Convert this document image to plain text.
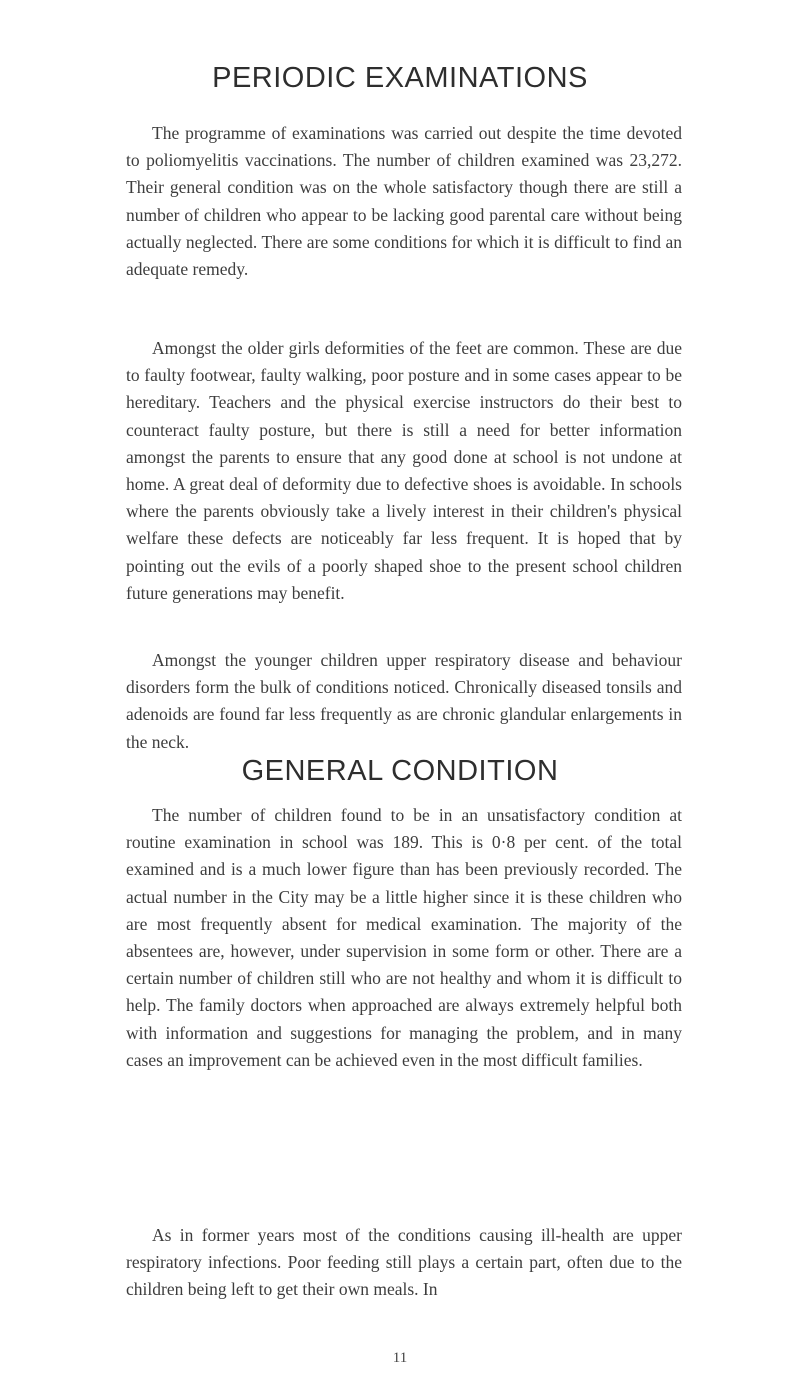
PERIODIC EXAMINATIONS

The programme of examinations was carried out despite the time devoted to poliomyelitis vaccinations. The number of children examined was 23,272. Their general condition was on the whole satisfactory though there are still a number of children who appear to be lacking good parental care without being actually neglected. There are some conditions for which it is difficult to find an adequate remedy.

Amongst the older girls deformities of the feet are common. These are due to faulty footwear, faulty walking, poor posture and in some cases appear to be hereditary. Teachers and the physical exercise instructors do their best to counteract faulty posture, but there is still a need for better information amongst the parents to ensure that any good done at school is not undone at home. A great deal of deformity due to defective shoes is avoidable. In schools where the parents obviously take a lively interest in their children's physical welfare these defects are noticeably far less frequent. It is hoped that by pointing out the evils of a poorly shaped shoe to the present school children future generations may benefit.

Amongst the younger children upper respiratory disease and behaviour disorders form the bulk of conditions noticed. Chronically diseased tonsils and adenoids are found far less frequently as are chronic glandular enlargements in the neck.

GENERAL CONDITION

The number of children found to be in an unsatisfactory condition at routine examination in school was 189. This is 0·8 per cent. of the total examined and is a much lower figure than has been previously recorded. The actual number in the City may be a little higher since it is these children who are most frequently absent for medical examination. The majority of the absentees are, however, under supervision in some form or other. There are a certain number of children still who are not healthy and whom it is difficult to help. The family doctors when approached are always extremely helpful both with information and suggestions for managing the problem, and in many cases an improvement can be achieved even in the most difficult families.

As in former years most of the conditions causing ill-health are upper respiratory infections. Poor feeding still plays a certain part, often due to the children being left to get their own meals. In

11
